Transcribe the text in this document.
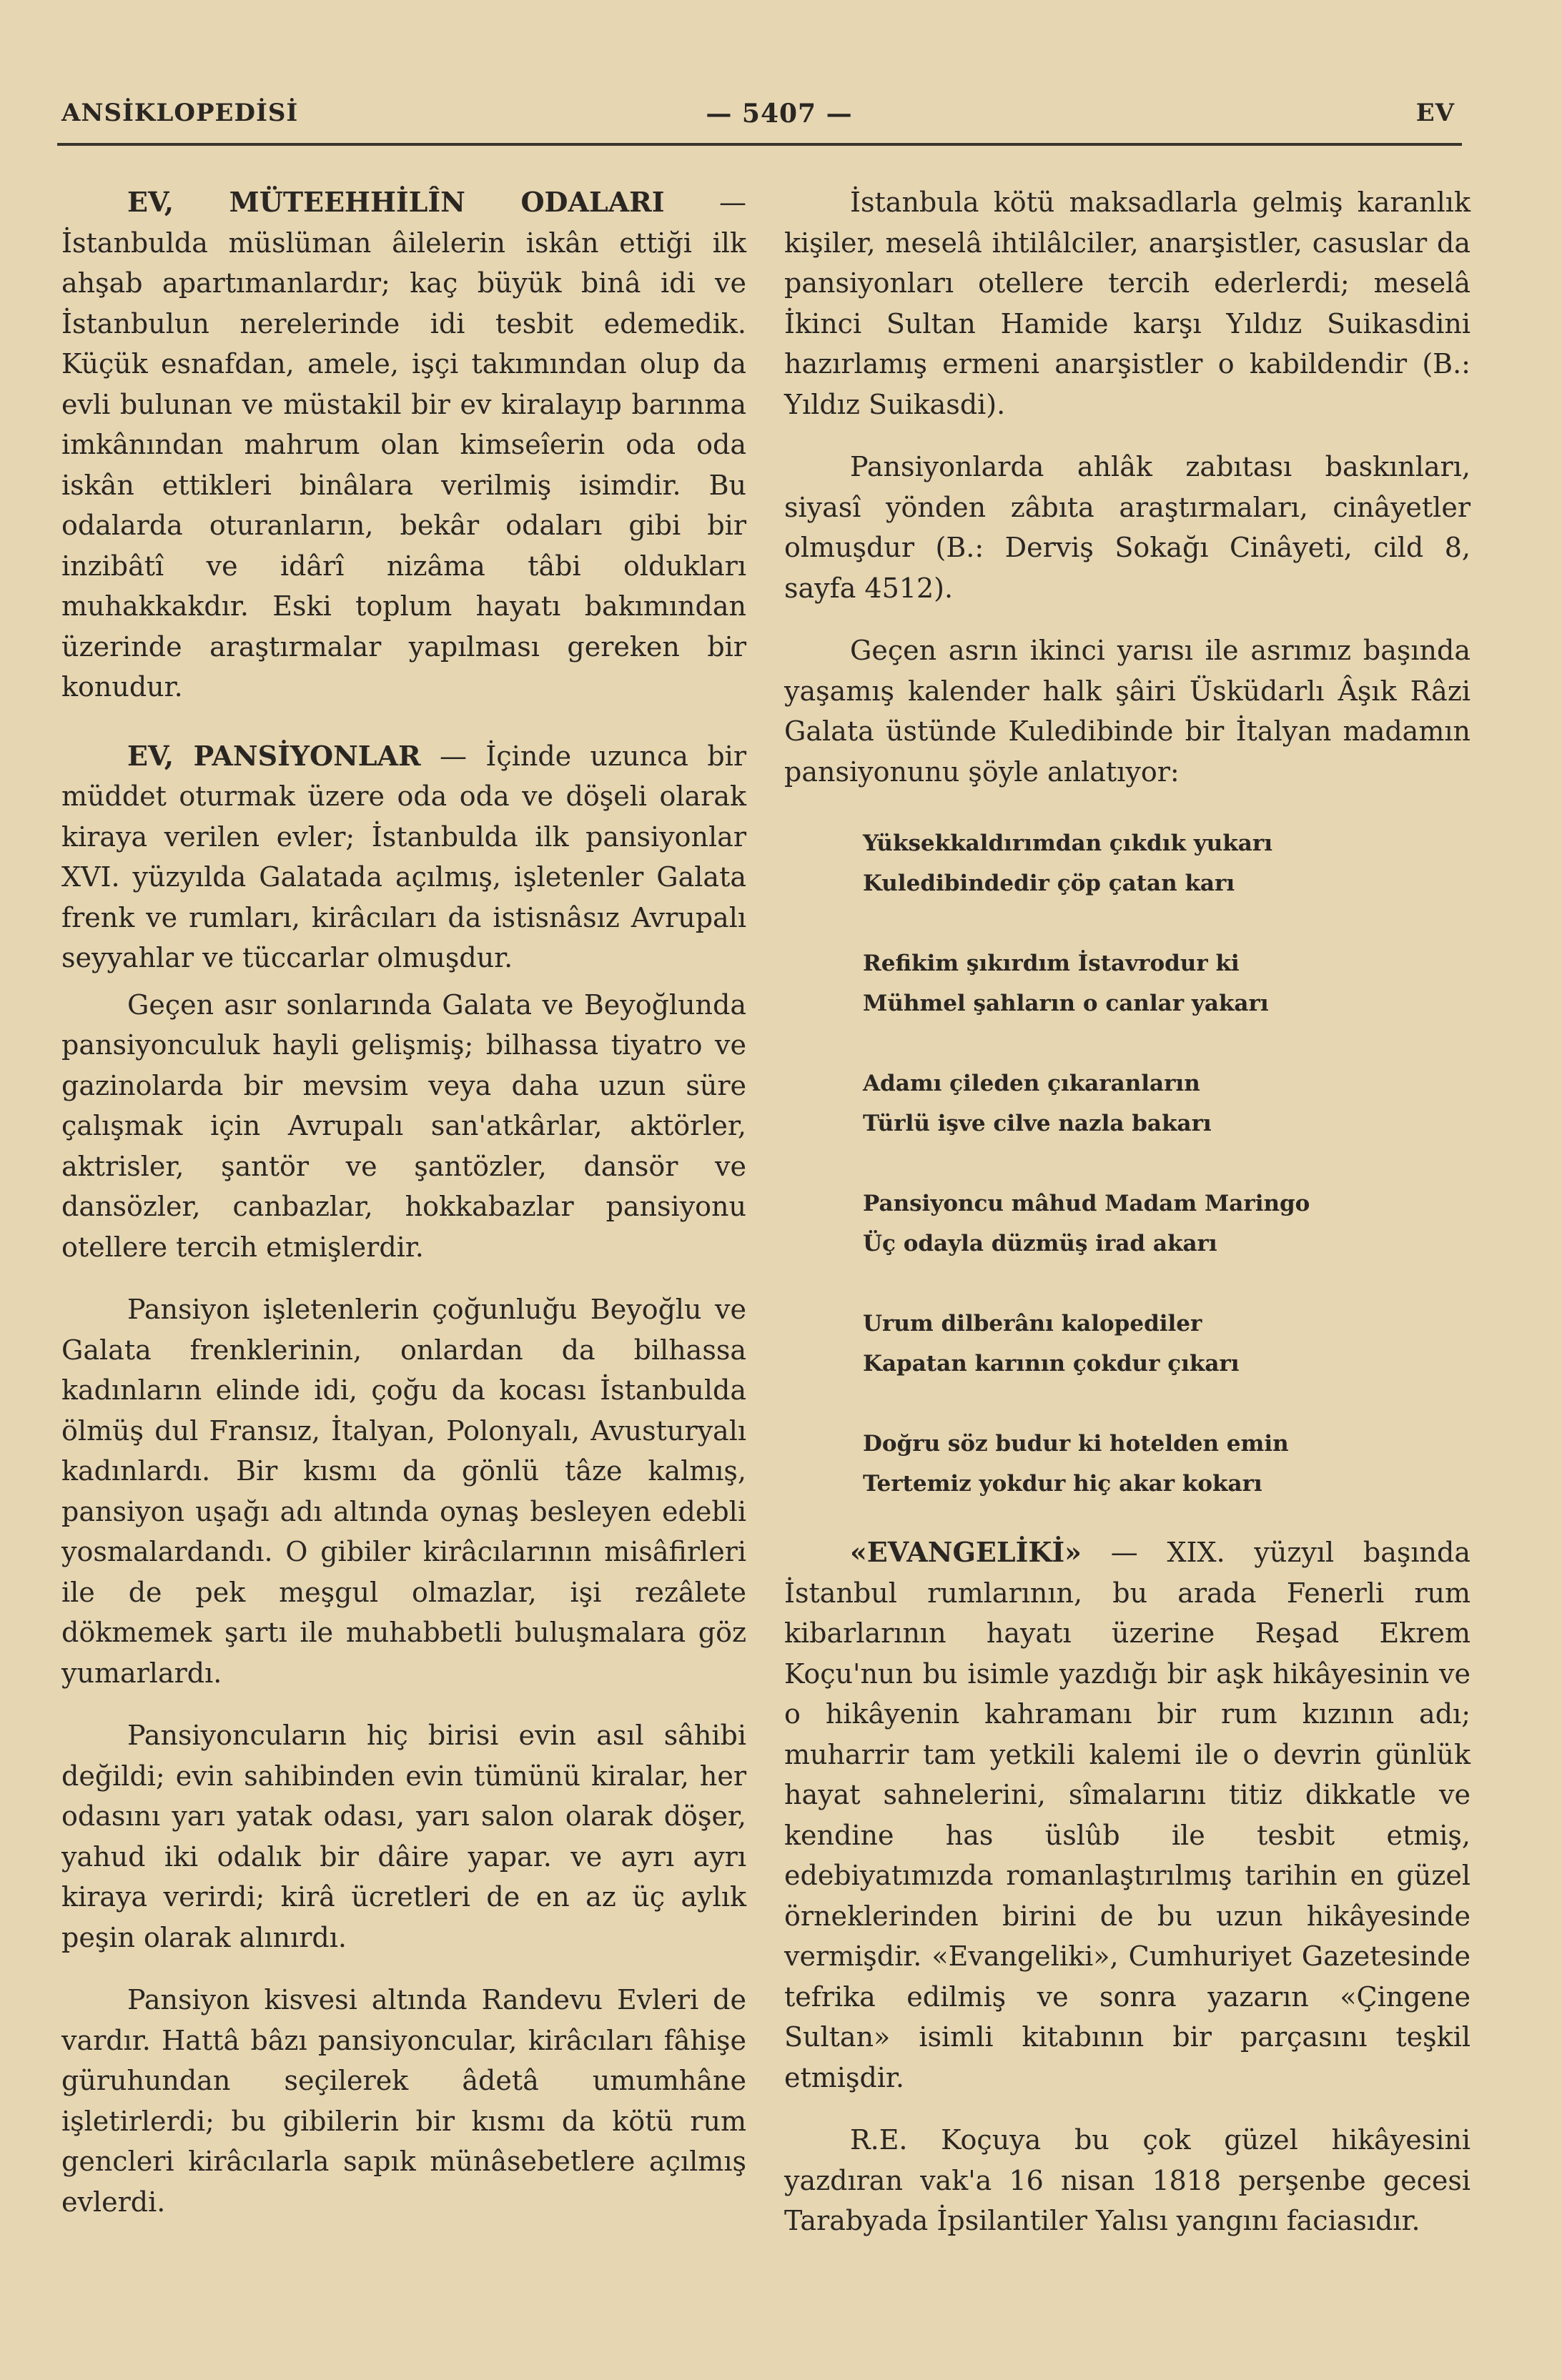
ANSİKLOPEDİSİ	— 5407 —	EV

EV, MÜTEEHHİLÎN ODALARI — İstanbulda müslüman âilelerin iskân ettiği ilk ahşab apartımanlardır; kaç büyük binâ idi ve İstanbulun nerelerinde idi tesbit edemedik. Küçük esnafdan, amele, işçi takımından olup da evli bulunan ve müstakil bir ev kiralayıp barınma imkânından mahrum olan kimseîerin oda oda iskân ettikleri binâlara verilmiş isimdir. Bu odalarda oturanların, bekâr odaları gibi bir inzibâtî ve idârî nizâma tâbi oldukları muhakkakdır. Eski toplum hayatı bakımından üzerinde araştırmalar yapılması gereken bir konudur.

EV, PANSİYONLAR — İçinde uzunca bir müddet oturmak üzere oda oda ve döşeli olarak kiraya verilen evler; İstanbulda ilk pansiyonlar XVI. yüzyılda Galatada açılmış, işletenler Galata frenk ve rumları, kirâcıları da istisnâsız Avrupalı seyyahlar ve tüccarlar olmuşdur.

Geçen asır sonlarında Galata ve Beyoğlunda pansiyonculuk hayli gelişmiş; bilhassa tiyatro ve gazinolarda bir mevsim veya daha uzun süre çalışmak için Avrupalı san'atkârlar, aktörler, aktrisler, şantör ve şantözler, dansör ve dansözler, canbazlar, hokkabazlar pansiyonu otellere tercih etmişlerdir.

Pansiyon işletenlerin çoğunluğu Beyoğlu ve Galata frenklerinin, onlardan da bilhassa kadınların elinde idi, çoğu da kocası İstanbulda ölmüş dul Fransız, İtalyan, Polonyalı, Avusturyalı kadınlardı. Bir kısmı da gönlü tâze kalmış, pansiyon uşağı adı altında oynaş besleyen edebli yosmalardandı. O gibiler kirâcılarının misâfirleri ile de pek meşgul olmazlar, işi rezâlete dökmemek şartı ile muhabbetli buluşmalara göz yumarlardı.

Pansiyoncuların hiç birisi evin asıl sâhibi değildi; evin sahibinden evin tümünü kiralar, her odasını yarı yatak odası, yarı salon olarak döşer, yahud iki odalık bir dâire yapar. ve ayrı ayrı kiraya verirdi; kirâ ücretleri de en az üç aylık peşin olarak alınırdı.

Pansiyon kisvesi altında Randevu Evleri de vardır. Hattâ bâzı pansiyoncular, kirâcıları fâhişe güruhundan seçilerek âdetâ umumhâne işletirlerdi; bu gibilerin bir kısmı da kötü rum gencleri kirâcılarla sapık münâsebetlere açılmış evlerdi.

İstanbula kötü maksadlarla gelmiş karanlık kişiler, meselâ ihtilâlciler, anarşistler, casuslar da pansiyonları otellere tercih ederlerdi; meselâ İkinci Sultan Hamide karşı Yıldız Suikasdini hazırlamış ermeni anarşistler o kabildendir (B.: Yıldız Suikasdi).

Pansiyonlarda ahlâk zabıtası baskınları, siyasî yönden zâbıta araştırmaları, cinâyetler olmuşdur (B.: Derviş Sokağı Cinâyeti, cild 8, sayfa 4512).

Geçen asrın ikinci yarısı ile asrımız başında yaşamış kalender halk şâiri Üsküdarlı Âşık Râzi Galata üstünde Kuledibinde bir İtalyan madamın pansiyonunu şöyle anlatıyor:

Yüksekkaldırımdan çıkdık yukarı
Kuledibindedir çöp çatan karı
Refikim şıkırdım İstavrodur ki
Mühmel şahların o canlar yakarı
Adamı çileden çıkaranların
Türlü işve cilve nazla bakarı
Pansiyoncu mâhud Madam Maringo
Üç odayla düzmüş irad akarı
Urum dilberânı kalopediler
Kapatan karının çokdur çıkarı
Doğru söz budur ki hotelden emin
Tertemiz yokdur hiç akar kokarı

«EVANGELİKİ» — XIX. yüzyıl başında İstanbul rumlarının, bu arada Fenerli rum kibarlarının hayatı üzerine Reşad Ekrem Koçu'nun bu isimle yazdığı bir aşk hikâyesinin ve o hikâyenin kahramanı bir rum kızının adı; muharrir tam yetkili kalemi ile o devrin günlük hayat sahnelerini, sîmalarını titiz dikkatle ve kendine has üslûb ile tesbit etmiş, edebiyatımızda romanlaştırılmış tarihin en güzel örneklerinden birini de bu uzun hikâyesinde vermişdir. «Evangeliki», Cumhuriyet Gazetesinde tefrika edilmiş ve sonra yazarın «Çingene Sultan» isimli kitabının bir parçasını teşkil etmişdir.

R.E. Koçuya bu çok güzel hikâyesini yazdıran vak'a 16 nisan 1818 perşenbe gecesi Tarabyada İpsilantiler Yalısı yangını faciasıdır.
